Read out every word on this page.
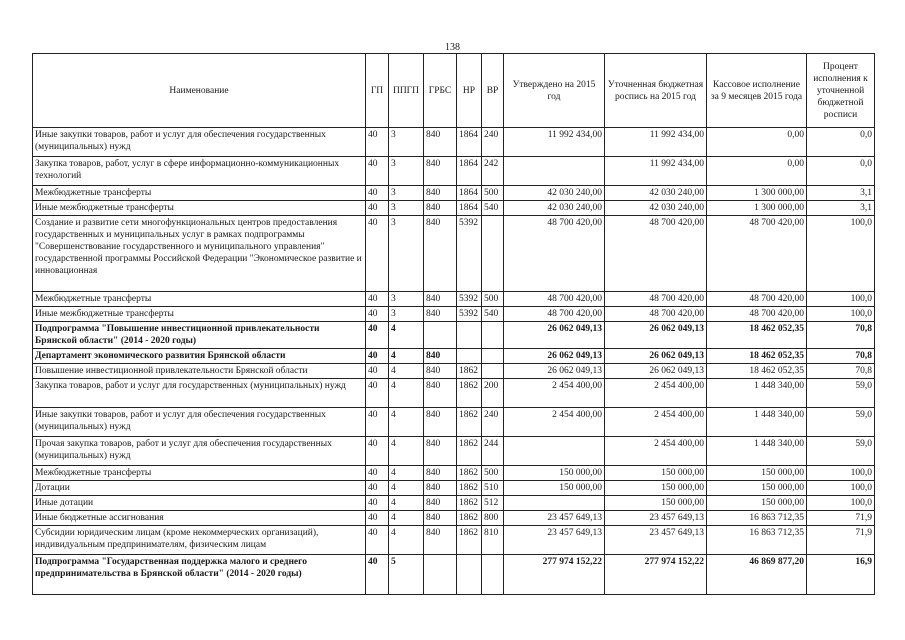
138
Наименование	ГП	ППГП	ГРБС	НР	ВР	Утверждено на 2015 год	Уточненная бюджетная роспись на 2015 год	Кассовое исполнение за 9 месяцев 2015 года	Процент исполнения к уточненной бюджетной росписи
Иные закупки товаров, работ и услуг для обеспечения государственных (муниципальных) нужд	40	3	840	1864	240	11 992 434,00	11 992 434,00	0,00	0,0
Закупка товаров, работ, услуг в сфере информационно-коммуникационных технологий	40	3	840	1864	242		11 992 434,00	0,00	0,0
Межбюджетные трансферты	40	3	840	1864	500	42 030 240,00	42 030 240,00	1 300 000,00	3,1
Иные межбюджетные трансферты	40	3	840	1864	540	42 030 240,00	42 030 240,00	1 300 000,00	3,1
Создание и развитие сети многофункциональных центров предоставления государственных и муниципальных услуг в рамках подпрограммы "Совершенствование государственного и муниципального управления" государственной программы Российской Федерации "Экономическое развитие и инновационная	40	3	840	5392		48 700 420,00	48 700 420,00	48 700 420,00	100,0
Межбюджетные трансферты	40	3	840	5392	500	48 700 420,00	48 700 420,00	48 700 420,00	100,0
Иные межбюджетные трансферты	40	3	840	5392	540	48 700 420,00	48 700 420,00	48 700 420,00	100,0
Подпрограмма "Повышение инвестиционной привлекательности Брянской области" (2014 - 2020 годы)	40	4				26 062 049,13	26 062 049,13	18 462 052,35	70,8
Департамент экономического развития Брянской области	40	4	840			26 062 049,13	26 062 049,13	18 462 052,35	70,8
Повышение инвестиционной привлекательности Брянской области	40	4	840	1862		26 062 049,13	26 062 049,13	18 462 052,35	70,8
Закупка товаров, работ и услуг для государственных (муниципальных) нужд	40	4	840	1862	200	2 454 400,00	2 454 400,00	1 448 340,00	59,0
Иные закупки товаров, работ и услуг для обеспечения государственных (муниципальных) нужд	40	4	840	1862	240	2 454 400,00	2 454 400,00	1 448 340,00	59,0
Прочая закупка товаров, работ и услуг для обеспечения государственных (муниципальных) нужд	40	4	840	1862	244		2 454 400,00	1 448 340,00	59,0
Межбюджетные трансферты	40	4	840	1862	500	150 000,00	150 000,00	150 000,00	100,0
Дотации	40	4	840	1862	510	150 000,00	150 000,00	150 000,00	100,0
Иные дотации	40	4	840	1862	512		150 000,00	150 000,00	100,0
Иные бюджетные ассигнования	40	4	840	1862	800	23 457 649,13	23 457 649,13	16 863 712,35	71,9
Субсидии юридическим лицам (кроме некоммерческих организаций), индивидуальным предпринимателям, физическим лицам	40	4	840	1862	810	23 457 649,13	23 457 649,13	16 863 712,35	71,9
Подпрограмма "Государственная поддержка малого и среднего предпринимательства в Брянской области" (2014 - 2020 годы)	40	5				277 974 152,22	277 974 152,22	46 869 877,20	16,9
